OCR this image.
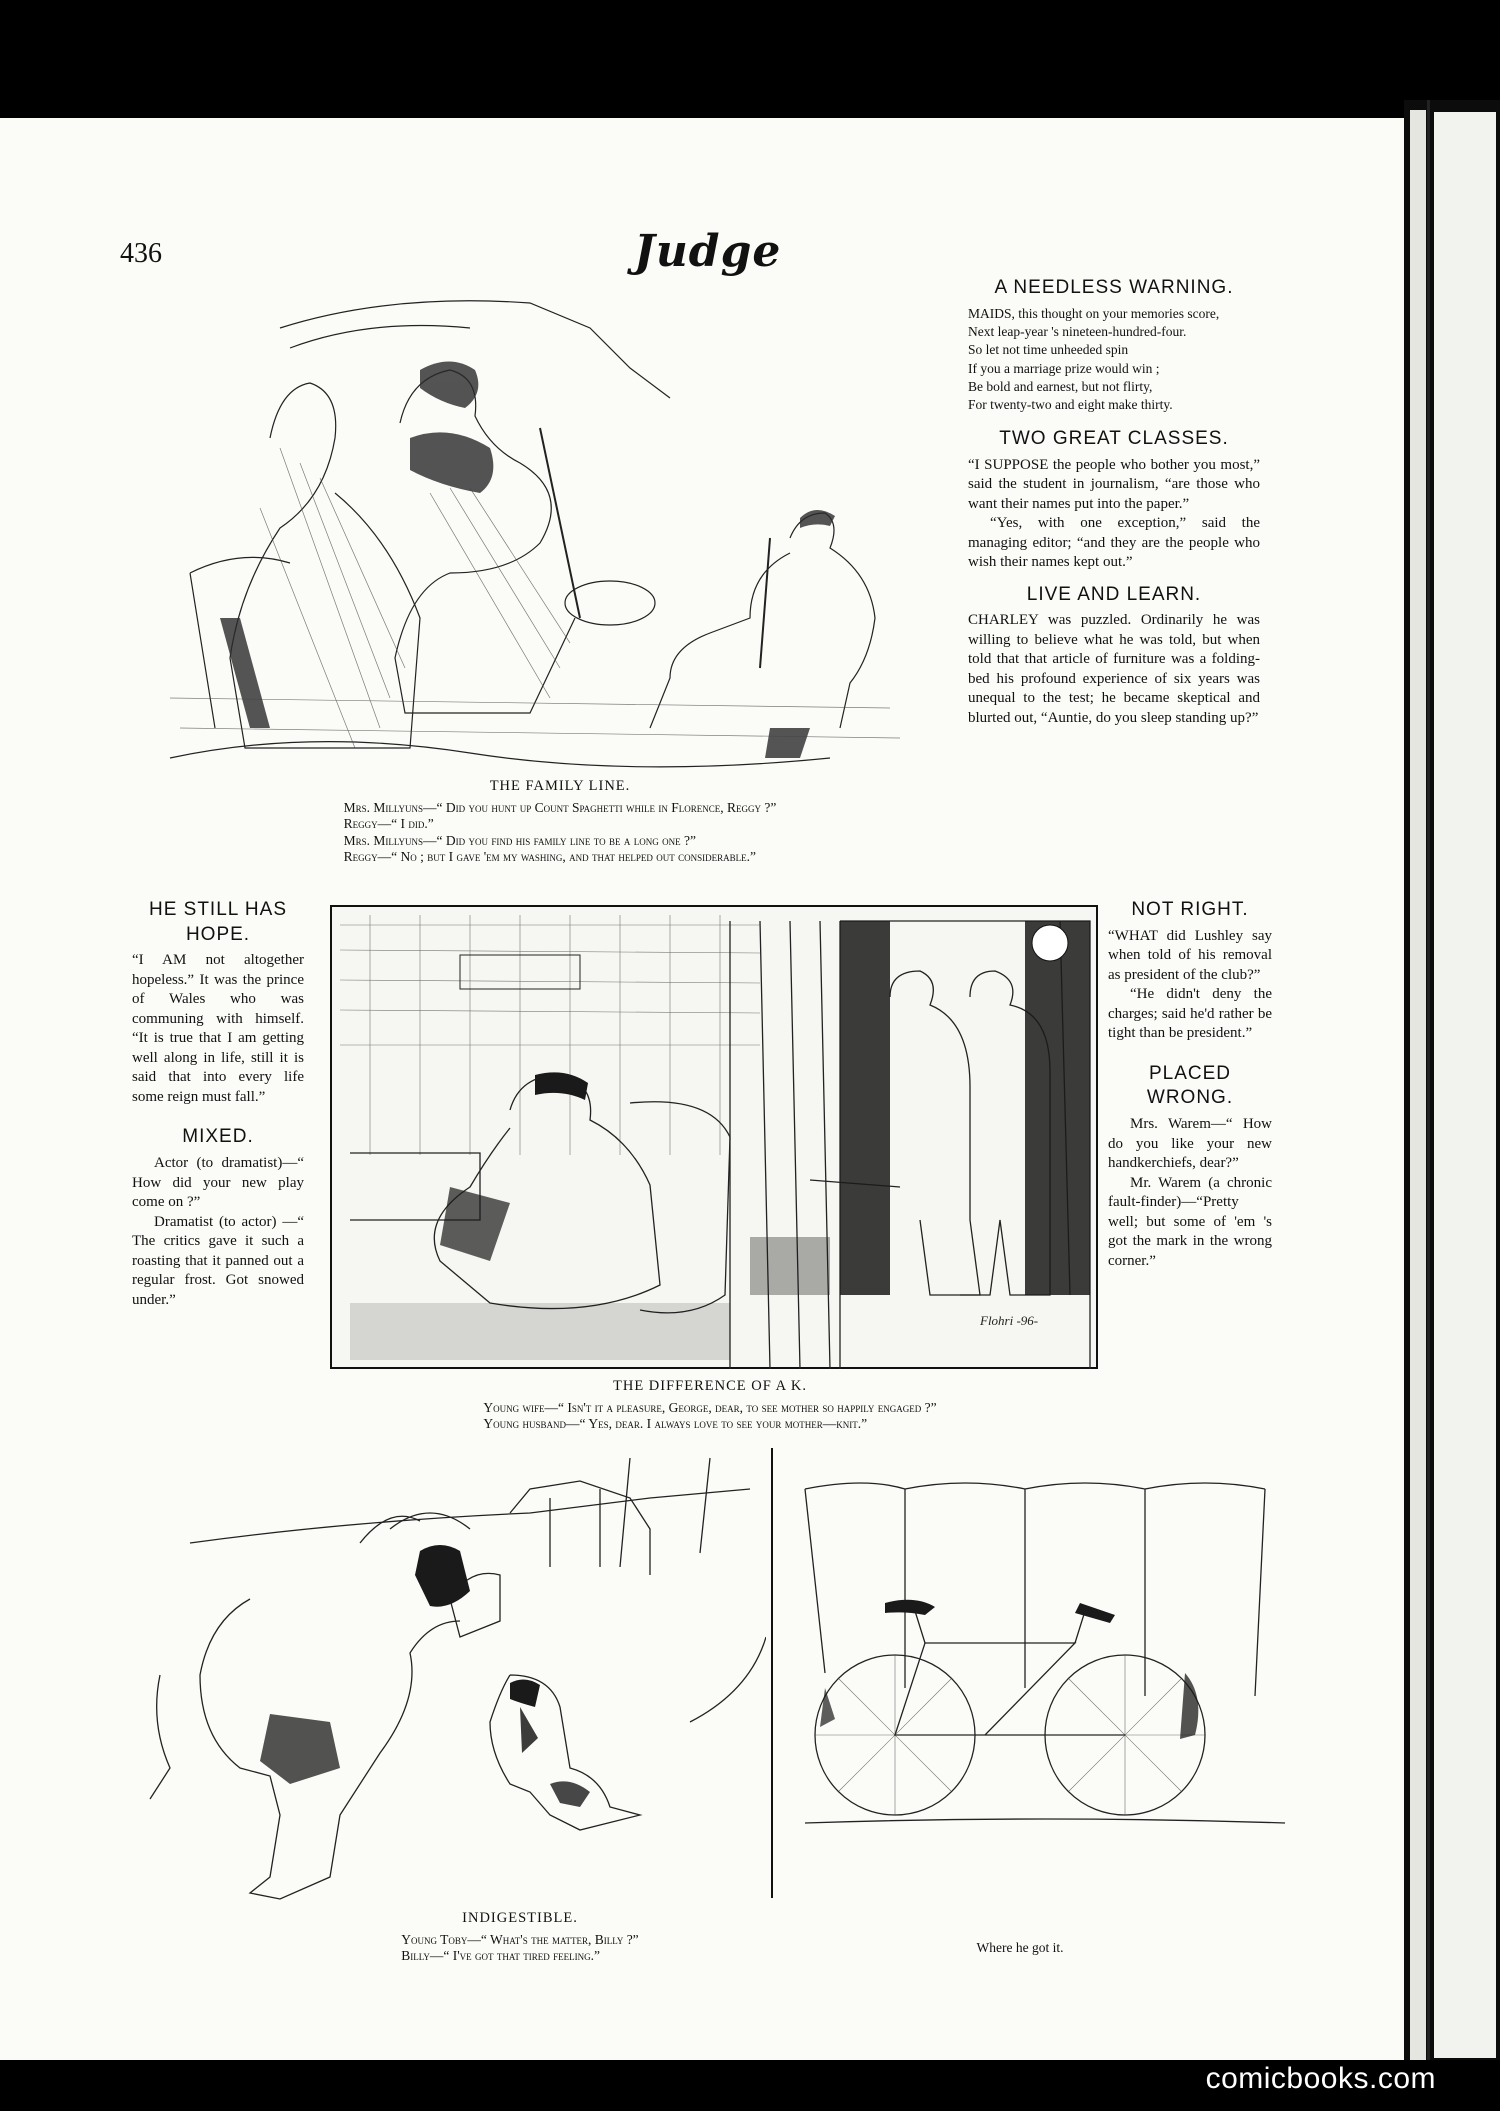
436	Judge
THE FAMILY LINE.
Mrs. Millyuns—“ Did you hunt up Count Spaghetti while in Florence, Reggy ?”
Reggy—“ I did.”
Mrs. Millyuns—“ Did you find his family line to be a long one ?”
Reggy—“ No ; but I gave 'em my washing, and that helped out considerable.”
A NEEDLESS WARNING.
MAIDS, this thought on your memories score,
Next leap-year 's nineteen-hundred-four.
So let not time unheeded spin
If you a marriage prize would win ;
Be bold and earnest, but not flirty,
For twenty-two and eight make thirty.
TWO GREAT CLASSES.
“I SUPPOSE the people who bother you most,” said the student in journalism, “are those who want their names put into the paper.”
“Yes, with one exception,” said the managing editor; “and they are the people who wish their names kept out.”
LIVE AND LEARN.
CHARLEY was puzzled. Ordinarily he was willing to believe what he was told, but when told that that article of furniture was a folding-bed his profound experience of six years was unequal to the test; he became skeptical and blurted out, “Auntie, do you sleep standing up?”
HE STILL HAS HOPE.
“I AM not altogether hopeless.” It was the prince of Wales who was communing with himself. “It is true that I am getting well along in life, still it is said that into every life some reign must fall.”
MIXED.
Actor (to dramatist)—“ How did your new play come on ?”
Dramatist (to actor) —“ The critics gave it such a roasting that it panned out a regular frost. Got snowed under.”
Flohri -96-
THE DIFFERENCE OF A K.
Young wife—“ Isn't it a pleasure, George, dear, to see mother so happily engaged ?”
Young husband—“ Yes, dear. I always love to see your mother—knit.”
NOT RIGHT.
“WHAT did Lushley say when told of his removal as president of the club?”
“He didn't deny the charges; said he'd rather be tight than be president.”
PLACED WRONG.
Mrs. Warem—“ How do you like your new handkerchiefs, dear?”
Mr. Warem (a chronic fault-finder)—“Pretty well; but some of 'em 's got the mark in the wrong corner.”
INDIGESTIBLE.
Young Toby—“ What's the matter, Billy ?”
Billy—“ I've got that tired feeling.”
Where he got it.
comicbooks.com
